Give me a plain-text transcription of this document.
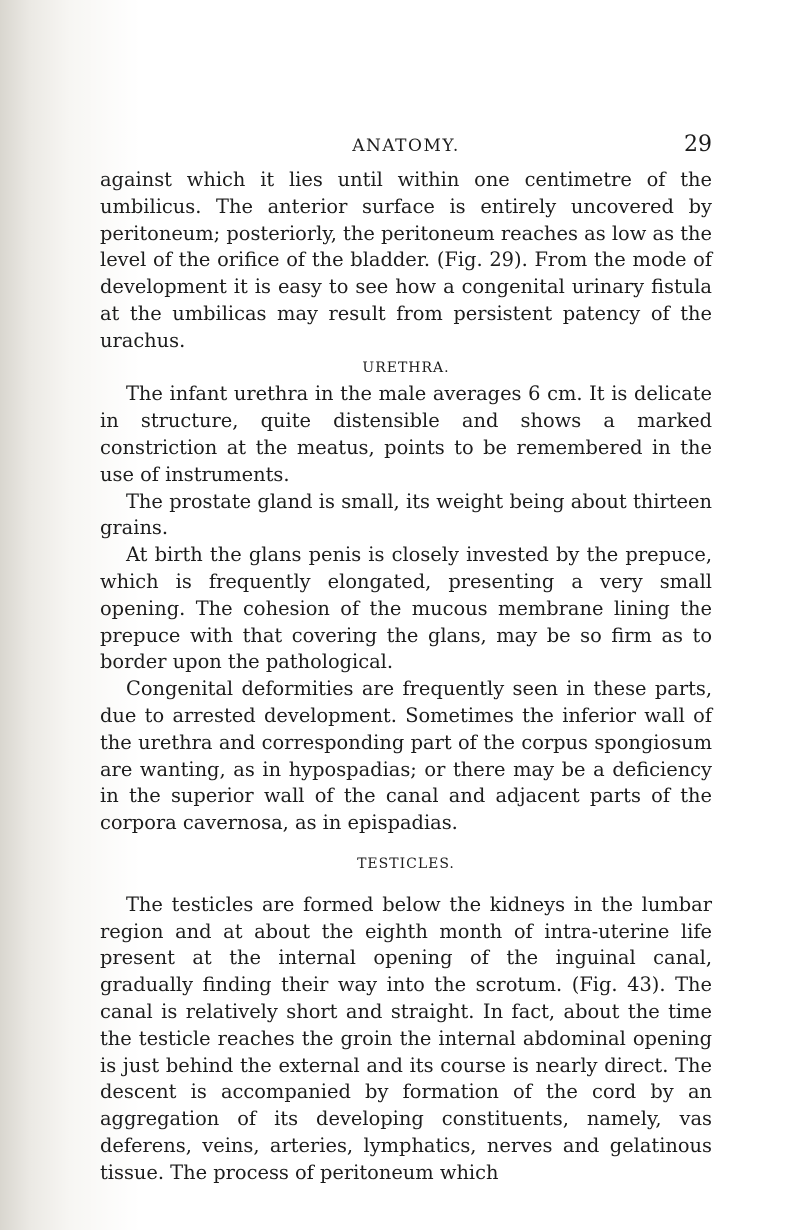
ANATOMY.	29

against which it lies until within one centimetre of the umbilicus. The anterior surface is entirely uncovered by peritoneum; posteriorly, the peritoneum reaches as low as the level of the orifice of the bladder. (Fig. 29). From the mode of development it is easy to see how a congenital urinary fistula at the umbilicas may result from persistent patency of the urachus.

URETHRA.

The infant urethra in the male averages 6 cm. It is delicate in structure, quite distensible and shows a marked constriction at the meatus, points to be remembered in the use of instruments.

The prostate gland is small, its weight being about thirteen grains.

At birth the glans penis is closely invested by the prepuce, which is frequently elongated, presenting a very small opening. The cohesion of the mucous membrane lining the prepuce with that covering the glans, may be so firm as to border upon the pathological.

Congenital deformities are frequently seen in these parts, due to arrested development. Sometimes the inferior wall of the urethra and corresponding part of the corpus spongiosum are wanting, as in hypospadias; or there may be a deficiency in the superior wall of the canal and adjacent parts of the corpora cavernosa, as in epispadias.

TESTICLES.

The testicles are formed below the kidneys in the lumbar region and at about the eighth month of intra-uterine life present at the internal opening of the inguinal canal, gradually finding their way into the scrotum. (Fig. 43). The canal is relatively short and straight. In fact, about the time the testicle reaches the groin the internal abdominal opening is just behind the external and its course is nearly direct. The descent is accompanied by formation of the cord by an aggregation of its developing constituents, namely, vas deferens, veins, arteries, lymphatics, nerves and gelatinous tissue. The process of peritoneum which
